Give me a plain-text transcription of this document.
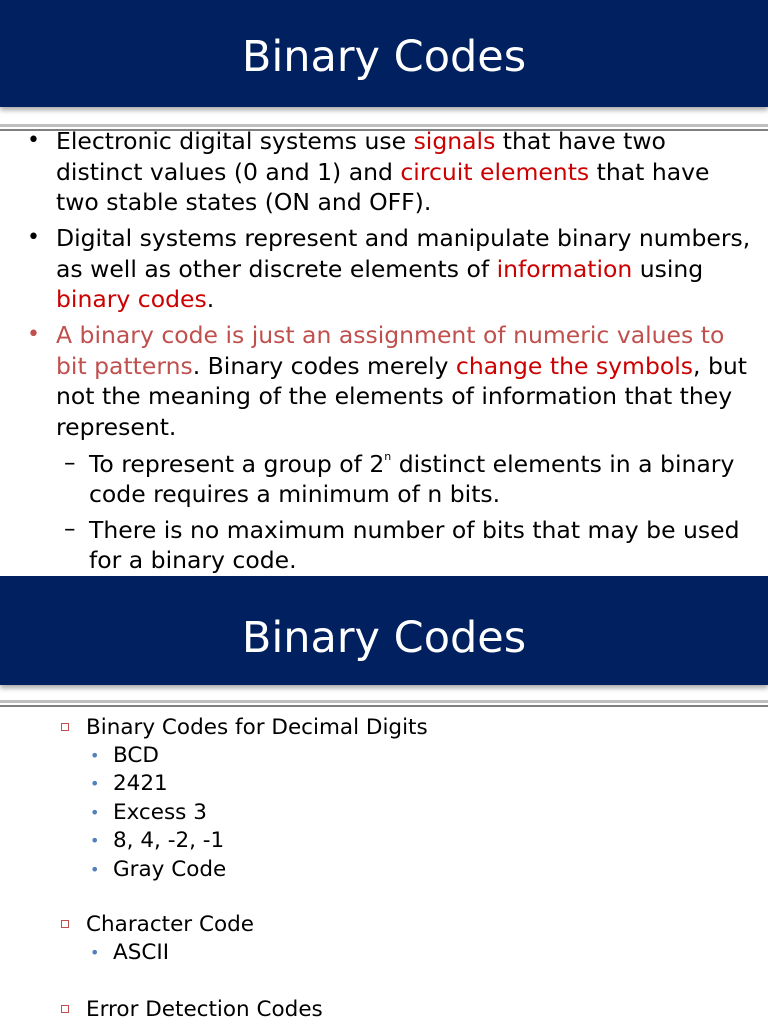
Binary Codes
• Electronic digital systems use signals that have two distinct values (0 and 1) and circuit elements that have two stable states (ON and OFF).
• Digital systems represent and manipulate binary numbers, as well as other discrete elements of information using binary codes.
• A binary code is just an assignment of numeric values to bit patterns. Binary codes merely change the symbols, but not the meaning of the elements of information that they represent.
– To represent a group of 2$^n$ distinct elements in a binary code requires a minimum of n bits.
– There is no maximum number of bits that may be used for a binary code.
Binary Codes
Binary Codes for Decimal Digits
• BCD
• 2421
• Excess 3
• 8, 4, -2, -1
• Gray Code
Character Code
• ASCII
Error Detection Codes
